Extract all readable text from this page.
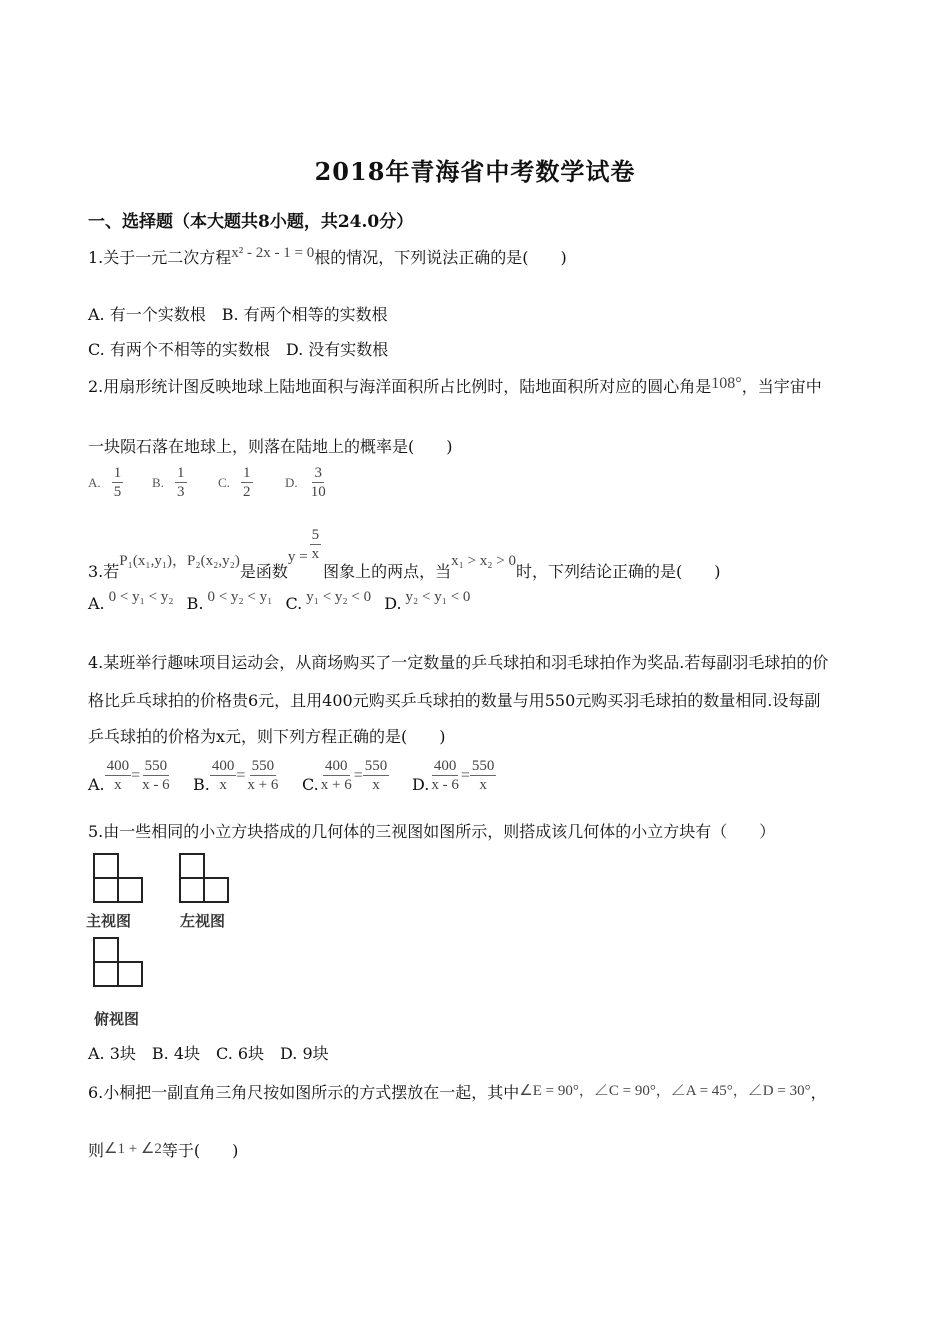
2018年青海省中考数学试卷
一、选择题（本大题共8小题，共24.0分）
1.关于一元二次方程x² - 2x - 1 = 0根的情况，下列说法正确的是(　　)
A. 有一个实数根　B. 有两个相等的实数根
C. 有两个不相等的实数根　D. 没有实数根
2.用扇形统计图反映地球上陆地面积与海洋面积所占比例时，陆地面积所对应的圆心角是108°，当宇宙中
一块陨石落在地球上，则落在陆地上的概率是(　　)
A. $\frac{1}{5} B$. $\frac{1}{3} C$. $\frac{1}{2} D$. $\frac{3}{10}$
3.若P₁(x₁,y₁)，P₂(x₂,y₂)是函数$y = \frac{5}{x}$
图象上的两点，当x₁ > x₂ > 0时，下列结论正确的是(　　)
A. 0 < y₁ < y₂ B. 0 < y₂ < y₁ C. y₁ < y₂ < 0 D. y₂ < y₁ < 0
4.某班举行趣味项目运动会，从商场购买了一定数量的乒乓球拍和羽毛球拍作为奖品.若每副羽毛球拍的价
格比乒乓球拍的价格贵6元，且用400元购买乒乓球拍的数量与用550元购买羽毛球拍的数量相同.设每副
乒乓球拍的价格为x元，则下列方程正确的是(　　)
A. $\frac{400}{x} = \frac{550}{x - 6} B$. $\frac{400}{x} = \frac{550}{x + 6} C$. $\frac{400}{x + 6} = \frac{550}{x} D$. $\frac{400}{x - 6} = \frac{550}{x}$
5.由一些相同的小立方块搭成的几何体的三视图如图所示，则搭成该几何体的小立方块有（　　）
主视图	左视图
俯视图
A. 3块　B. 4块　C. 6块　D. 9块
6.小桐把一副直角三角尺按如图所示的方式摆放在一起，其中∠E = 90°，∠C = 90°，∠A = 45°，∠D = 30°，
则∠1 + ∠2等于(　　)
